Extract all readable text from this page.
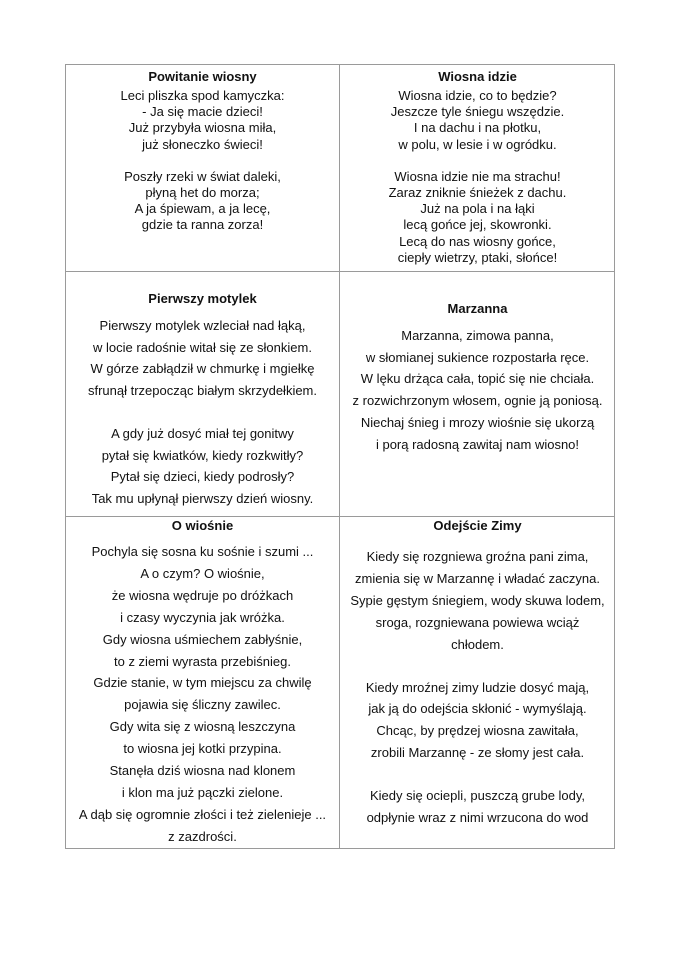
Powitanie wiosny
Leci pliszka spod kamyczka:
- Ja się macie dzieci!
Już przybyła wiosna miła,
już słoneczko świeci!
Poszły rzeki w świat daleki,
płyną het do morza;
A ja śpiewam, a ja lecę,
gdzie ta ranna zorza!
Wiosna idzie
Wiosna idzie, co to będzie?
Jeszcze tyle śniegu wszędzie.
I na dachu i na płotku,
w polu, w lesie i w ogródku.
Wiosna idzie nie ma strachu!
Zaraz zniknie śnieżek z dachu.
Już na pola i na łąki
lecą gońce jej, skowronki.
Lecą do nas wiosny gońce,
ciepły wietrzy, ptaki, słońce!
Pierwszy motylek
Pierwszy motylek wzleciał nad łąką,
w locie radośnie witał się ze słonkiem.
W górze zabłądził w chmurkę i mgiełkę
sfrunął trzepocząc białym skrzydełkiem.
A gdy już dosyć miał tej gonitwy
pytał się kwiatków, kiedy rozkwitły?
Pytał się dzieci, kiedy podrosły?
Tak mu upłynął pierwszy dzień wiosny.
Marzanna
Marzanna, zimowa panna,
w słomianej sukience rozpostarła ręce.
W lęku drżąca cała, topić się nie chciała.
z rozwichrzonym włosem, ognie ją poniosą.
Niechaj śnieg i mrozy wiośnie się ukorzą
i porą radosną zawitaj nam wiosno!
O wiośnie
Pochyla się sosna ku sośnie i szumi ...
A o czym? O wiośnie,
że wiosna wędruje po dróżkach
i czasy wyczynia jak wróżka.
Gdy wiosna uśmiechem zabłyśnie,
to z ziemi wyrasta przebiśnieg.
Gdzie stanie, w tym miejscu za chwilę
pojawia się śliczny zawilec.
Gdy wita się z wiosną leszczyna
to wiosna jej kotki przypina.
Stanęła dziś wiosna nad klonem
i klon ma już pączki zielone.
A dąb się ogromnie złości i też zielenieje ...
z zazdrości.
Odejście Zimy
Kiedy się rozgniewa groźna pani zima,
zmienia się w Marzannę i władać zaczyna.
Sypie gęstym śniegiem, wody skuwa lodem,
sroga, rozgniewana powiewa wciąż
chłodem.
Kiedy mroźnej zimy ludzie dosyć mają,
jak ją do odejścia skłonić - wymyślają.
Chcąc, by prędzej wiosna zawitała,
zrobili Marzannę - ze słomy jest cała.
Kiedy się ociepli, puszczą grube lody,
odpłynie wraz z nimi wrzucona do wod
